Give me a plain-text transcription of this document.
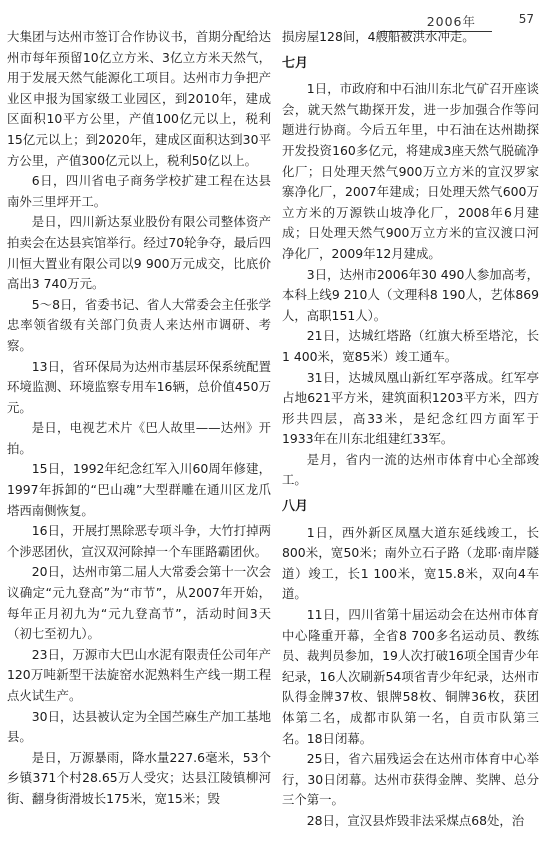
2006年	57

大集团与达州市签订合作协议书，首期分配给达州市每年预留10亿立方米、3亿立方米天然气，用于发展天然气能源化工项目。达州市力争把产业区申报为国家级工业园区，到2010年，建成区面积10平方公里，产值100亿元以上，税利15亿元以上；到2020年，建成区面积达到30平方公里，产值300亿元以上，税利50亿以上。

6日，四川省电子商务学校扩建工程在达县南外三里坪开工。

是日，四川新达泵业股份有限公司整体资产拍卖会在达县宾馆举行。经过70轮争夺，最后四川恒大置业有限公司以9 900万元成交，比底价高出3 740万元。

5～8日，省委书记、省人大常委会主任张学忠率领省级有关部门负责人来达州市调研、考察。

13日，省环保局为达州市基层环保系统配置环境监测、环境监察专用车16辆，总价值450万元。

是日，电视艺术片《巴人故里——达州》开拍。

15日，1992年纪念红军入川60周年修建，1997年拆卸的“巴山魂”大型群雕在通川区龙爪塔西南侧恢复。

16日，开展打黑除恶专项斗争，大竹打掉两个涉恶团伙，宣汉双河除掉一个车匪路霸团伙。

20日，达州市第二届人大常委会第十一次会议确定“元九登高”为“市节”，从2007年开始，每年正月初九为“元九登高节”，活动时间3天（初七至初九）。

23日，万源市大巴山水泥有限责任公司年产120万吨新型干法旋窑水泥熟料生产线一期工程点火试生产。

30日，达县被认定为全国苎麻生产加工基地县。

是日，万源暴雨，降水量227.6毫米，53个乡镇371个村28.65万人受灾；达县江陵镇柳河街、翻身街滑坡长175米，宽15米；毁

损房屋128间，4艘船被洪水冲走。

七月

1日，市政府和中石油川东北气矿召开座谈会，就天然气勘探开发，进一步加强合作等问题进行协商。今后五年里，中石油在达州勘探开发投资160多亿元，将建成3座天然气脱硫净化厂；日处理天然气900万立方米的宣汉罗家寨净化厂，2007年建成；日处理天然气600万立方米的万源铁山坡净化厂，2008年6月建成；日处理天然气900万立方米的宣汉渡口河净化厂，2009年12月建成。

3日，达州市2006年30 490人参加高考，本科上线9 210人（文理科8 190人，艺体869人，高职151人）。

21日，达城红塔路（红旗大桥至塔沱，长1 400米，宽85米）竣工通车。

31日，达城凤凰山新红军亭落成。红军亭占地621平方米，建筑面积1203平方米，四方形共四层，高33米，是纪念红四方面军于1933年在川东北组建红33军。

是月，省内一流的达州市体育中心全部竣工。

八月

1日，西外新区凤凰大道东延线竣工，长800米，宽50米；南外立石子路（龙耶·南岸隧道）竣工，长1 100米，宽15.8米，双向4车道。

11日，四川省第十届运动会在达州市体育中心隆重开幕，全省8 700多名运动员、教练员、裁判员参加，19人次打破16项全国青少年纪录，16人次刷新54项省青少年纪录，达州市队得金牌37枚、银牌58枚、铜牌36枚，获团体第二名，成都市队第一名，自贡市队第三名。18日闭幕。

25日，省六届残运会在达州市体育中心举行，30日闭幕。达州市获得金牌、奖牌、总分三个第一。

28日，宣汉县炸毁非法采煤点68处，治
